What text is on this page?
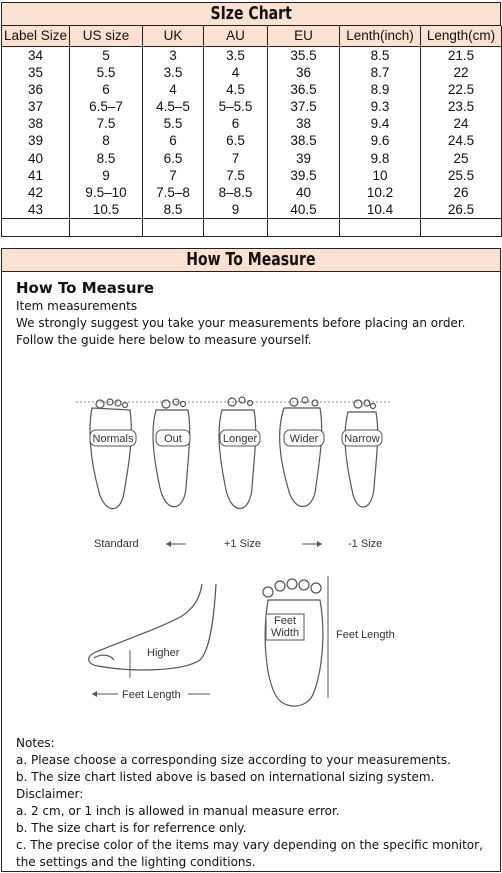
SIze Chart
Label Size	US size	UK	AU	EU	Lenth(inch)	Length(cm)
34	5	3	3.5	35.5	8.5	21.5
35	5.5	3.5	4	36	8.7	22
36	6	4	4.5	36.5	8.9	22.5
37	6.5–7	4.5–5	5–5.5	37.5	9.3	23.5
38	7.5	5.5	6	38	9.4	24
39	8	6	6.5	38.5	9.6	24.5
40	8.5	6.5	7	39	9.8	25
41	9	7	7.5	39.5	10	25.5
42	9.5–10	7.5–8	8–8.5	40	10.2	26
43	10.5	8.5	9	40.5	10.4	26.5

How To Measure
How To Measure
Item measurements
We strongly suggest you take your measurements before placing an order.
Follow the guide here below to measure yourself.
Normals	Out	Longer	Wider Narrow
Standard	+1 Size	-1 Size
Higher
Feet Length
Feet
Width	Feet Length
Notes:
a. Please choose a corresponding size according to your measurements.
b. The size chart listed above is based on international sizing system.
Disclaimer:
a. 2 cm, or 1 inch is allowed in manual measure error.
b. The size chart is for referrence only.
c. The precise color of the items may vary depending on the specific monitor,
the settings and the lighting conditions.
